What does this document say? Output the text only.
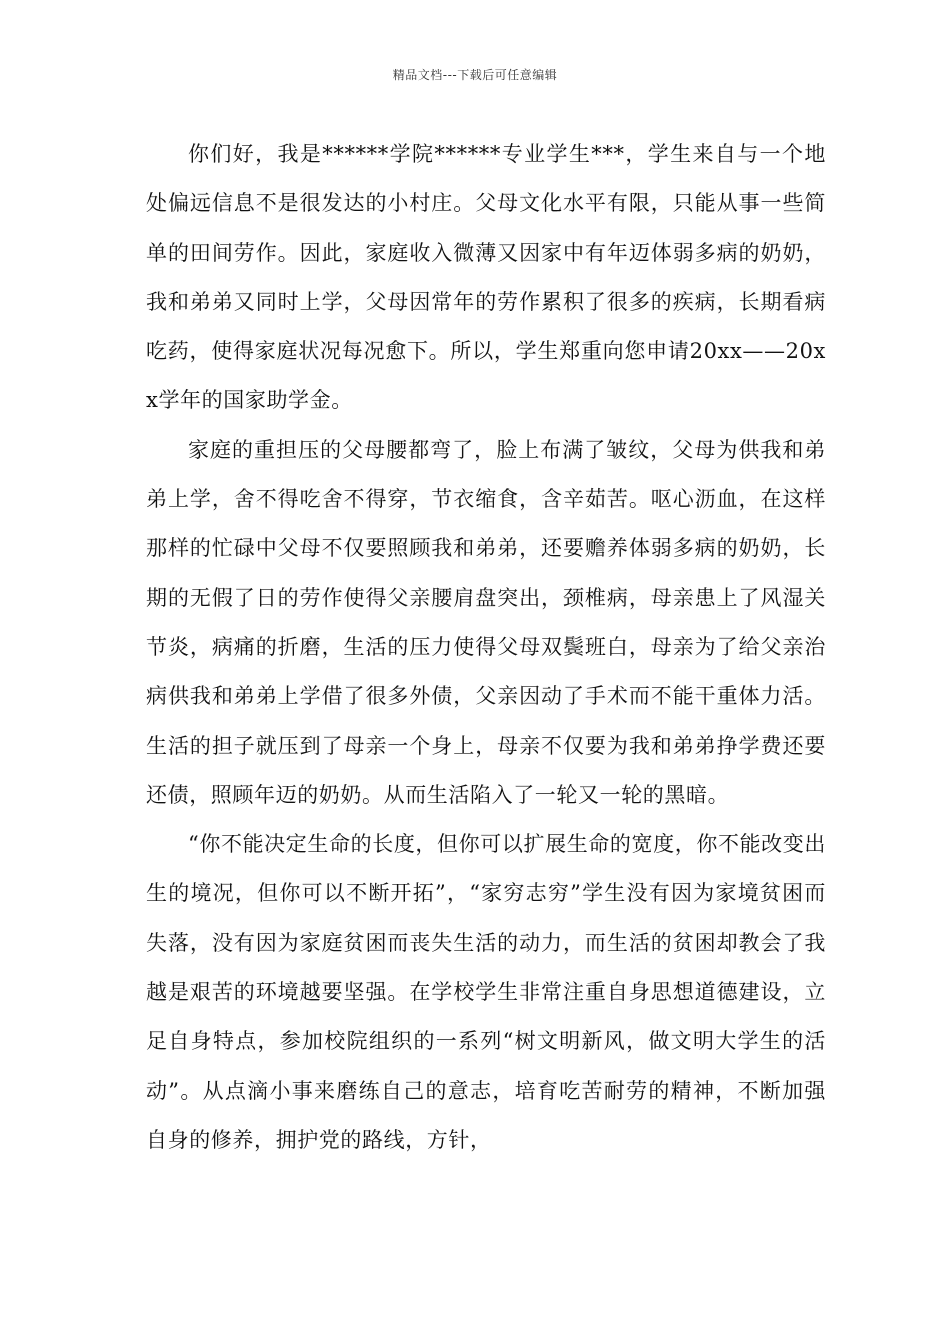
精品文档---下载后可任意编辑

你们好，我是******学院******专业学生***，学生来自与一个地处偏远信息不是很发达的小村庄。父母文化水平有限，只能从事一些简单的田间劳作。因此，家庭收入微薄又因家中有年迈体弱多病的奶奶，我和弟弟又同时上学，父母因常年的劳作累积了很多的疾病，长期看病吃药，使得家庭状况每况愈下。所以，学生郑重向您申请20xx——20xx学年的国家助学金。

家庭的重担压的父母腰都弯了，脸上布满了皱纹，父母为供我和弟弟上学，舍不得吃舍不得穿，节衣缩食，含辛茹苦。呕心沥血，在这样那样的忙碌中父母不仅要照顾我和弟弟，还要赡养体弱多病的奶奶，长期的无假了日的劳作使得父亲腰肩盘突出，颈椎病，母亲患上了风湿关节炎，病痛的折磨，生活的压力使得父母双鬓班白，母亲为了给父亲治病供我和弟弟上学借了很多外债，父亲因动了手术而不能干重体力活。生活的担子就压到了母亲一个身上，母亲不仅要为我和弟弟挣学费还要还债，照顾年迈的奶奶。从而生活陷入了一轮又一轮的黑暗。

“你不能决定生命的长度，但你可以扩展生命的宽度，你不能改变出生的境况，但你可以不断开拓”，“家穷志穷”学生没有因为家境贫困而失落，没有因为家庭贫困而丧失生活的动力，而生活的贫困却教会了我越是艰苦的环境越要坚强。在学校学生非常注重自身思想道德建设，立足自身特点，参加校院组织的一系列“树文明新风，做文明大学生的活动”。从点滴小事来磨练自己的意志，培育吃苦耐劳的精神，不断加强自身的修养，拥护党的路线，方针，
